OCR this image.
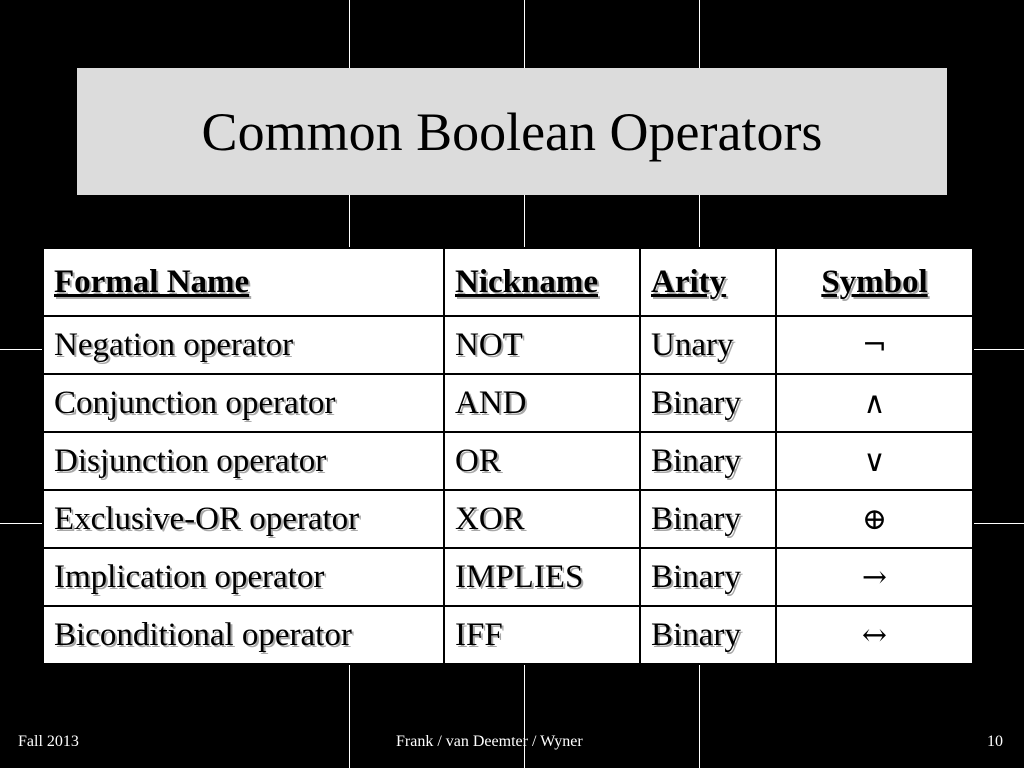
Common Boolean Operators
Formal Name	Nickname	Arity	Symbol
Negation operator	NOT	Unary	¬
Conjunction operator	AND	Binary	∧
Disjunction operator	OR	Binary	∨
Exclusive-OR operator	XOR	Binary	⊕
Implication operator	IMPLIES	Binary	→
Biconditional operator	IFF	Binary	↔
Fall 2013	Frank / van Deemter / Wyner	10
